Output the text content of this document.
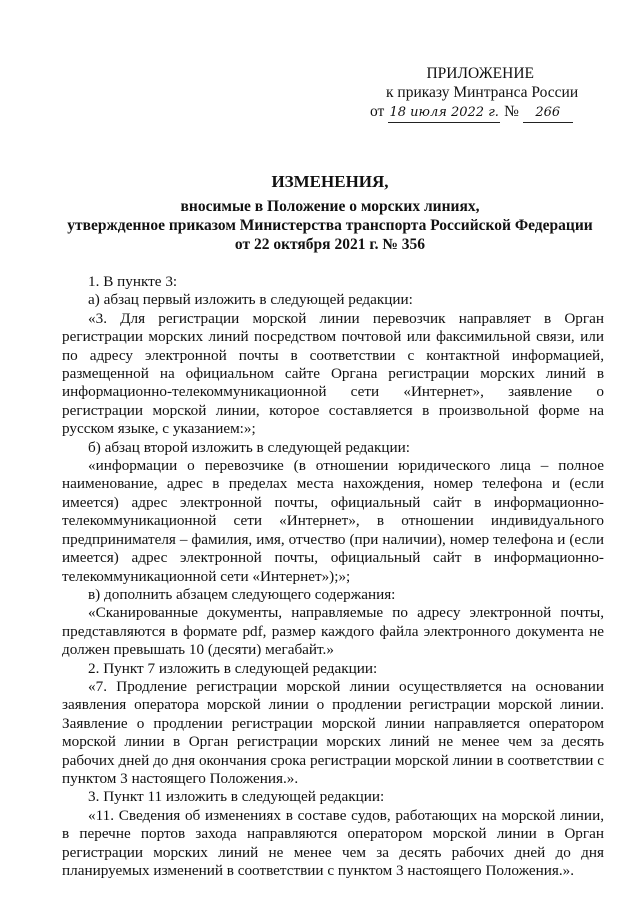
ПРИЛОЖЕНИЕ
к приказу Минтранса России
от 18 июля 2022 г. № 266
ИЗМЕНЕНИЯ,
вносимые в Положение о морских линиях,
утвержденное приказом Министерства транспорта Российской Федерации
от 22 октября 2021 г. № 356

1. В пункте 3:

а) абзац первый изложить в следующей редакции:

«3. Для регистрации морской линии перевозчик направляет в Орган регистрации морских линий посредством почтовой или факсимильной связи, или по адресу электронной почты в соответствии с контактной информацией, размещенной на официальном сайте Органа регистрации морских линий в информационно-телекоммуникационной сети «Интернет», заявление о регистрации морской линии, которое составляется в произвольной форме на русском языке, с указанием:»;

б) абзац второй изложить в следующей редакции:

«информации о перевозчике (в отношении юридического лица – полное наименование, адрес в пределах места нахождения, номер телефона и (если имеется) адрес электронной почты, официальный сайт в информационно-телекоммуникационной сети «Интернет», в отношении индивидуального предпринимателя – фамилия, имя, отчество (при наличии), номер телефона и (если имеется) адрес электронной почты, официальный сайт в информационно-телекоммуникационной сети «Интернет»);»;

в) дополнить абзацем следующего содержания:

«Сканированные документы, направляемые по адресу электронной почты, представляются в формате pdf, размер каждого файла электронного документа не должен превышать 10 (десяти) мегабайт.»

2. Пункт 7 изложить в следующей редакции:

«7. Продление регистрации морской линии осуществляется на основании заявления оператора морской линии о продлении регистрации морской линии. Заявление о продлении регистрации морской линии направляется оператором морской линии в Орган регистрации морских линий не менее чем за десять рабочих дней до дня окончания срока регистрации морской линии в соответствии с пунктом 3 настоящего Положения.».

3. Пункт 11 изложить в следующей редакции:

«11. Сведения об изменениях в составе судов, работающих на морской линии, в перечне портов захода направляются оператором морской линии в Орган регистрации морских линий не менее чем за десять рабочих дней до дня планируемых изменений в соответствии с пунктом 3 настоящего Положения.».
